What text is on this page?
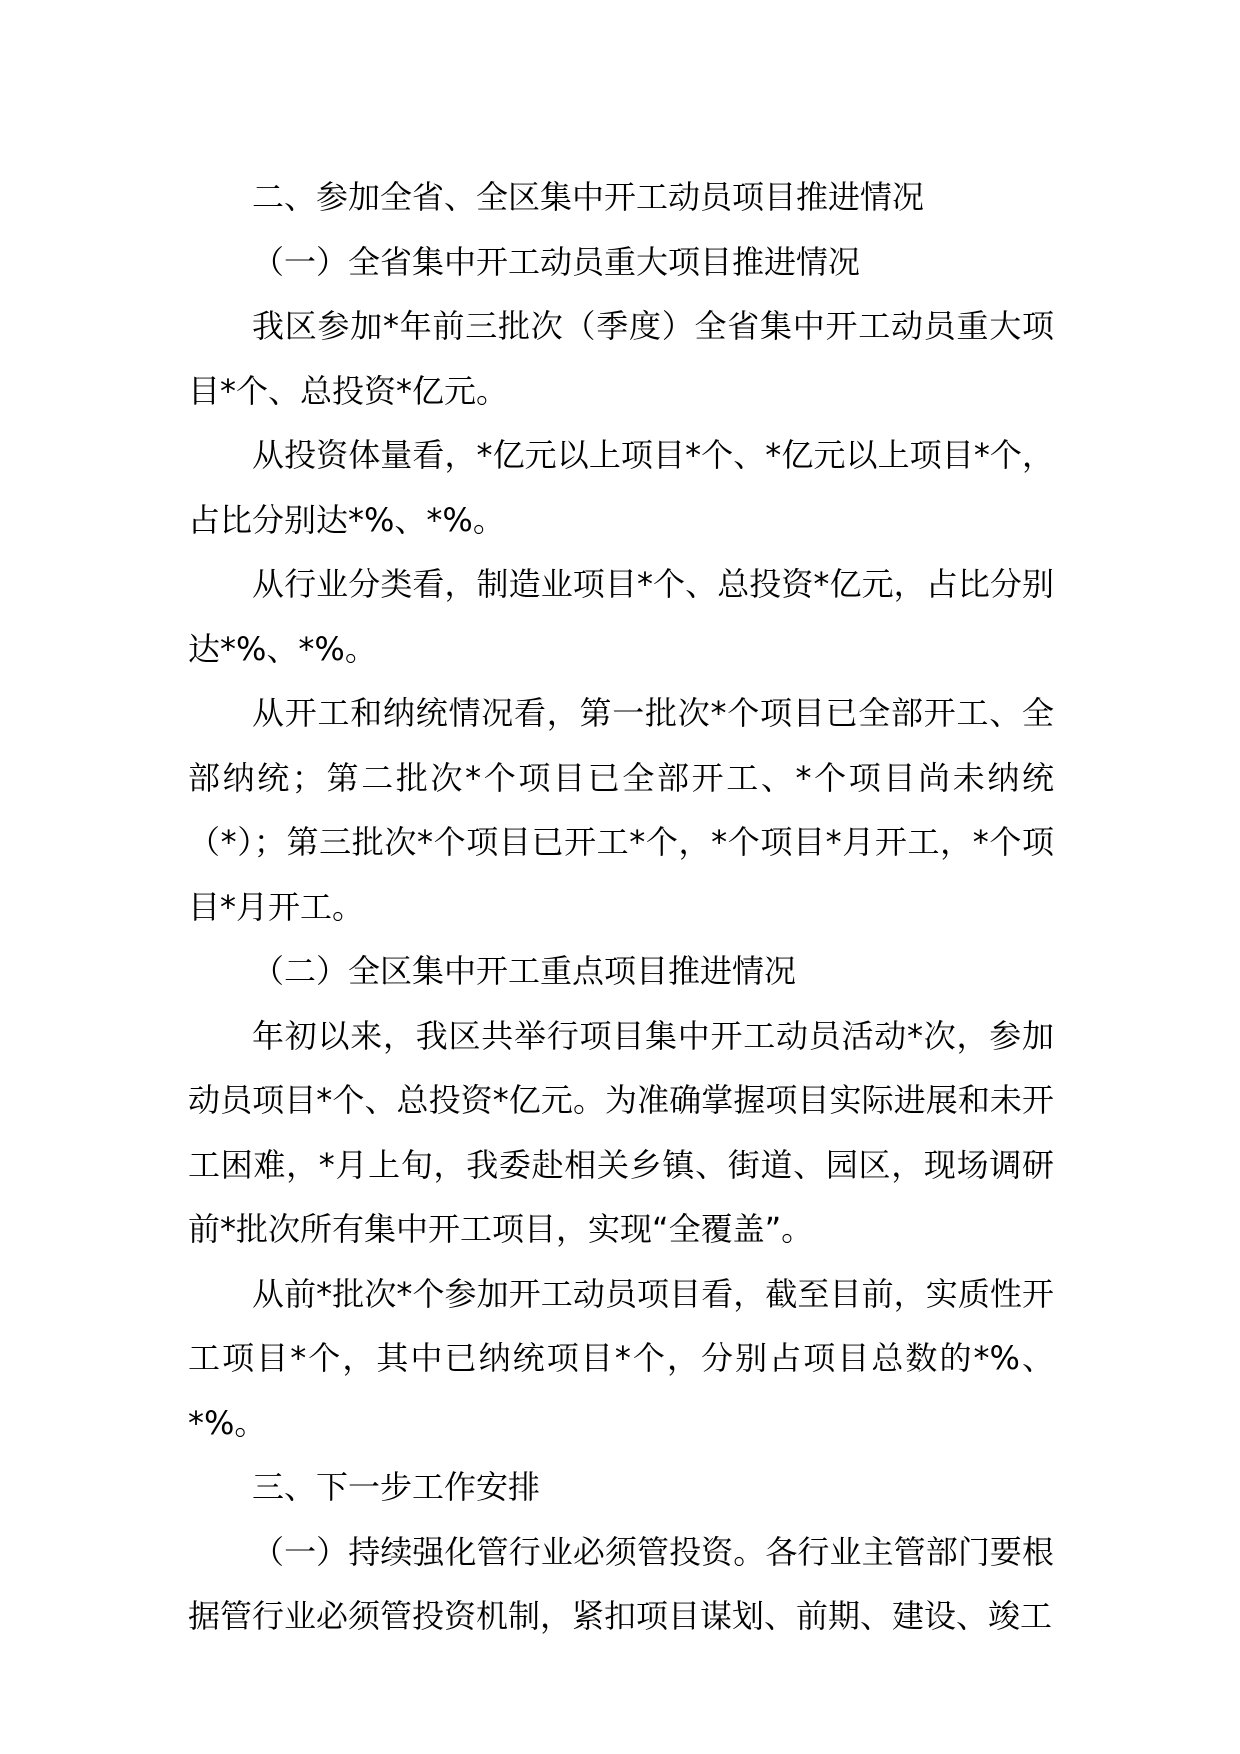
二、参加全省、全区集中开工动员项目推进情况

（一）全省集中开工动员重大项目推进情况

我区参加*年前三批次（季度）全省集中开工动员重大项目*个、总投资*亿元。

从投资体量看，*亿元以上项目*个、*亿元以上项目*个，占比分别达*%、*%。

从行业分类看，制造业项目*个、总投资*亿元，占比分别达*%、*%。

从开工和纳统情况看，第一批次*个项目已全部开工、全部纳统；第二批次*个项目已全部开工、*个项目尚未纳统（*）；第三批次*个项目已开工*个，*个项目*月开工，*个项目*月开工。

（二）全区集中开工重点项目推进情况

年初以来，我区共举行项目集中开工动员活动*次，参加动员项目*个、总投资*亿元。为准确掌握项目实际进展和未开工困难，*月上旬，我委赴相关乡镇、街道、园区，现场调研前*批次所有集中开工项目，实现“全覆盖”。

从前*批次*个参加开工动员项目看，截至目前，实质性开工项目*个，其中已纳统项目*个，分别占项目总数的*%、*%。

三、下一步工作安排

（一）持续强化管行业必须管投资。各行业主管部门要根据管行业必须管投资机制，紧扣项目谋划、前期、建设、竣工
